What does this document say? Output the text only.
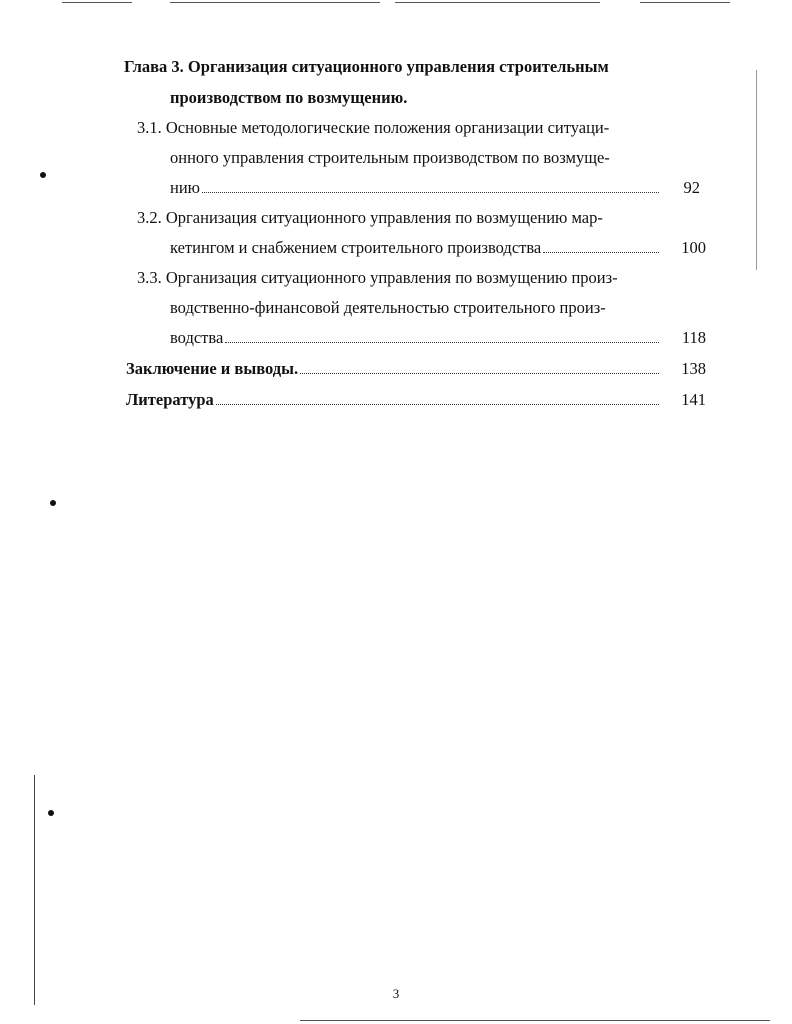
Глава 3. Организация ситуационного управления строительным
производством по возмущению.
3.1. Основные методологические положения организации ситуаци-
онного управления строительным производством по возмуще-
нию	92
3.2. Организация ситуационного управления по возмущению мар-
кетингом и снабжением строительного производства	100
3.3. Организация ситуационного управления по возмущению произ-
водственно-финансовой деятельностью строительного произ-
водства	118
Заключение и выводы.	138
Литература	141
3
